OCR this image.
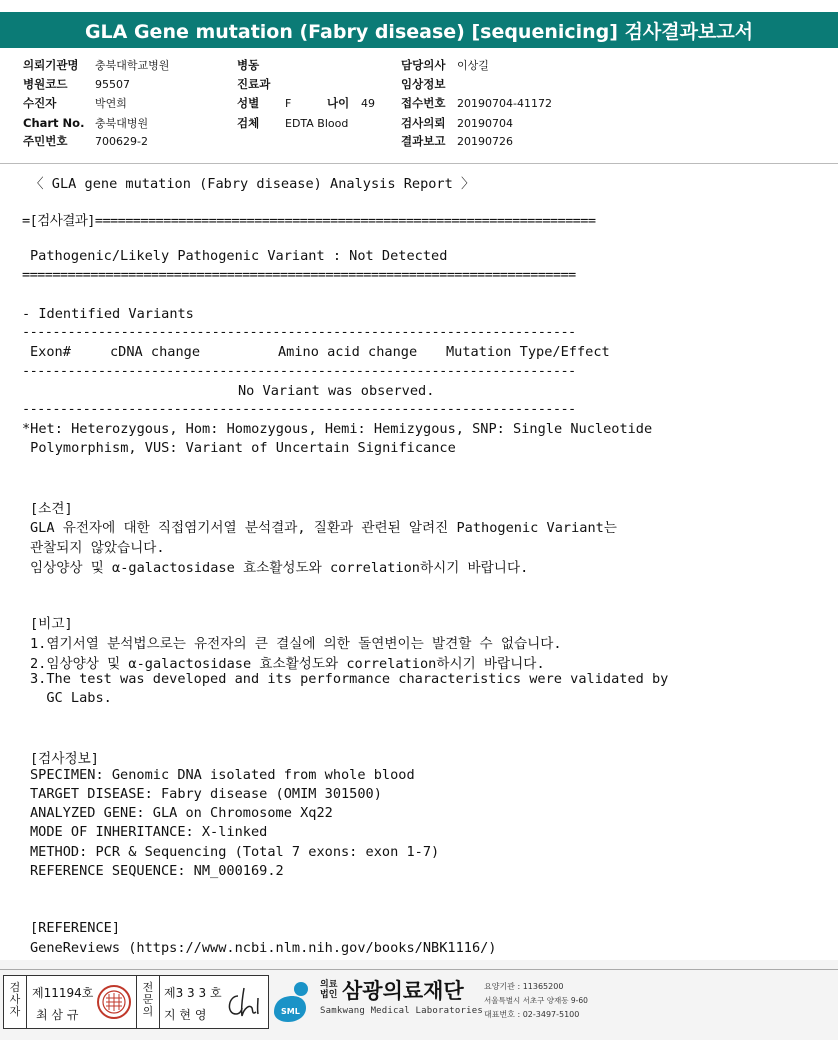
GLA Gene mutation (Fabry disease) [sequenicing] 검사결과보고서
의뢰기관명 충북대학교병원
병원코드	95507
수진자	박연희
Chart No. 충북대병원
주민번호	700629-2
병동
진료과
성별 F	나이 49
검체 EDTA Blood
담당의사 이상길
임상정보
접수번호 20190704-41172
검사의뢰 20190704
결과보고 20190726
〈 GLA gene mutation (Fabry disease) Analysis Report 〉
=[검사결과]==================================================================
Pathogenic/Likely Pathogenic Variant : Not Detected
=========================================================================
- Identified Variants
-------------------------------------------------------------------------
Exon#	cDNA change	Amino acid change Mutation Type/Effect
-------------------------------------------------------------------------
No Variant was observed.
-------------------------------------------------------------------------
*Het: Heterozygous, Hom: Homozygous, Hemi: Hemizygous, SNP: Single Nucleotide
Polymorphism, VUS: Variant of Uncertain Significance
[소견]
GLA 유전자에 대한 직접염기서열 분석결과, 질환과 관련된 알려진 Pathogenic Variant는
관찰되지 않았습니다.
임상양상 및 α-galactosidase 효소활성도와 correlation하시기 바랍니다.
[비고]
1.염기서열 분석법으로는 유전자의 큰 결실에 의한 돌연변이는 발견할 수 없습니다.
2.임상양상 및 α-galactosidase 효소활성도와 correlation하시기 바랍니다.
3.The test was developed and its performance characteristics were validated by
GC Labs.
[검사정보]
SPECIMEN: Genomic DNA isolated from whole blood
TARGET DISEASE: Fabry disease (OMIM 301500)
ANALYZED GENE: GLA on Chromosome Xq22
MODE OF INHERITANCE: X-linked
METHOD: PCR & Sequencing (Total 7 exons: exon 1-7)
REFERENCE SEQUENCE: NM_000169.2
[REFERENCE]
GeneReviews (https://www.ncbi.nlm.nih.gov/books/NBK1116/)
검사자
제11194호
최 삼 규
전문의
제3 3 3 호
지 현 영	SML
의료
법인 삼광의료재단
Samkwang Medical Laboratories
요양기관 : 11365200
서울특별시 서초구 양재동 9-60
대표번호 : 02-3497-5100
